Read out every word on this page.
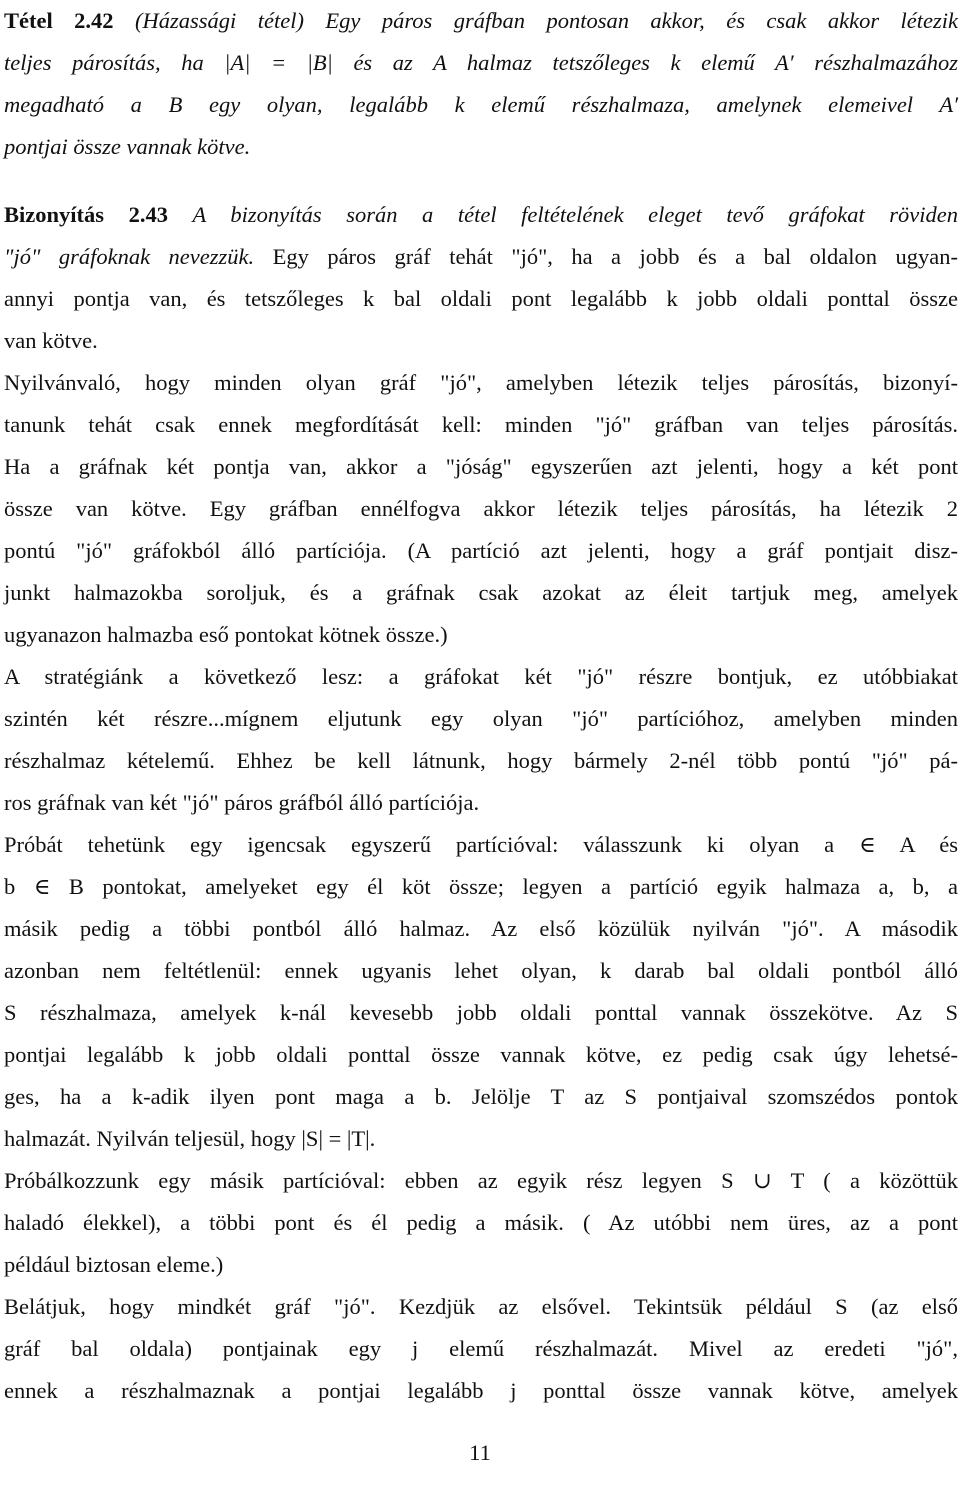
Tétel 2.42 (Házassági tétel) Egy páros gráfban pontosan akkor, és csak akkor létezik
teljes párosítás, ha |A| = |B| és az A halmaz tetszőleges k elemű A′ részhalmazához
megadható a B egy olyan, legalább k elemű részhalmaza, amelynek elemeivel A′
pontjai össze vannak kötve.
Bizonyítás 2.43 A bizonyítás során a tétel feltételének eleget tevő gráfokat röviden
"jó" gráfoknak nevezzük. Egy páros gráf tehát "jó", ha a jobb és a bal oldalon ugyan-
annyi pontja van, és tetszőleges k bal oldali pont legalább k jobb oldali ponttal össze
van kötve.
Nyilvánvaló, hogy minden olyan gráf "jó", amelyben létezik teljes párosítás, bizonyí-
tanunk tehát csak ennek megfordítását kell: minden "jó" gráfban van teljes párosítás.
Ha a gráfnak két pontja van, akkor a "jóság" egyszerűen azt jelenti, hogy a két pont
össze van kötve. Egy gráfban ennélfogva akkor létezik teljes párosítás, ha létezik 2
pontú "jó" gráfokból álló partíciója. (A partíció azt jelenti, hogy a gráf pontjait disz-
junkt halmazokba soroljuk, és a gráfnak csak azokat az éleit tartjuk meg, amelyek
ugyanazon halmazba eső pontokat kötnek össze.)
A stratégiánk a következő lesz: a gráfokat két "jó" részre bontjuk, ez utóbbiakat
szintén két részre...mígnem eljutunk egy olyan "jó" partícióhoz, amelyben minden
részhalmaz kételemű. Ehhez be kell látnunk, hogy bármely 2-nél több pontú "jó" pá-
ros gráfnak van két "jó" páros gráfból álló partíciója.
Próbát tehetünk egy igencsak egyszerű partícióval: válasszunk ki olyan a ∈ A és
b ∈ B pontokat, amelyeket egy él köt össze; legyen a partíció egyik halmaza a, b, a
másik pedig a többi pontból álló halmaz. Az első közülük nyilván "jó". A második
azonban nem feltétlenül: ennek ugyanis lehet olyan, k darab bal oldali pontból álló
S részhalmaza, amelyek k-nál kevesebb jobb oldali ponttal vannak összekötve. Az S
pontjai legalább k jobb oldali ponttal össze vannak kötve, ez pedig csak úgy lehetsé-
ges, ha a k-adik ilyen pont maga a b. Jelölje T az S pontjaival szomszédos pontok
halmazát. Nyilván teljesül, hogy |S| = |T|.
Próbálkozzunk egy másik partícióval: ebben az egyik rész legyen S ∪ T ( a közöttük
haladó élekkel), a többi pont és él pedig a másik. ( Az utóbbi nem üres, az a pont
például biztosan eleme.)
Belátjuk, hogy mindkét gráf "jó". Kezdjük az elsővel. Tekintsük például S (az első
gráf bal oldala) pontjainak egy j elemű részhalmazát. Mivel az eredeti "jó",
ennek a részhalmaznak a pontjai legalább j ponttal össze vannak kötve, amelyek
11
